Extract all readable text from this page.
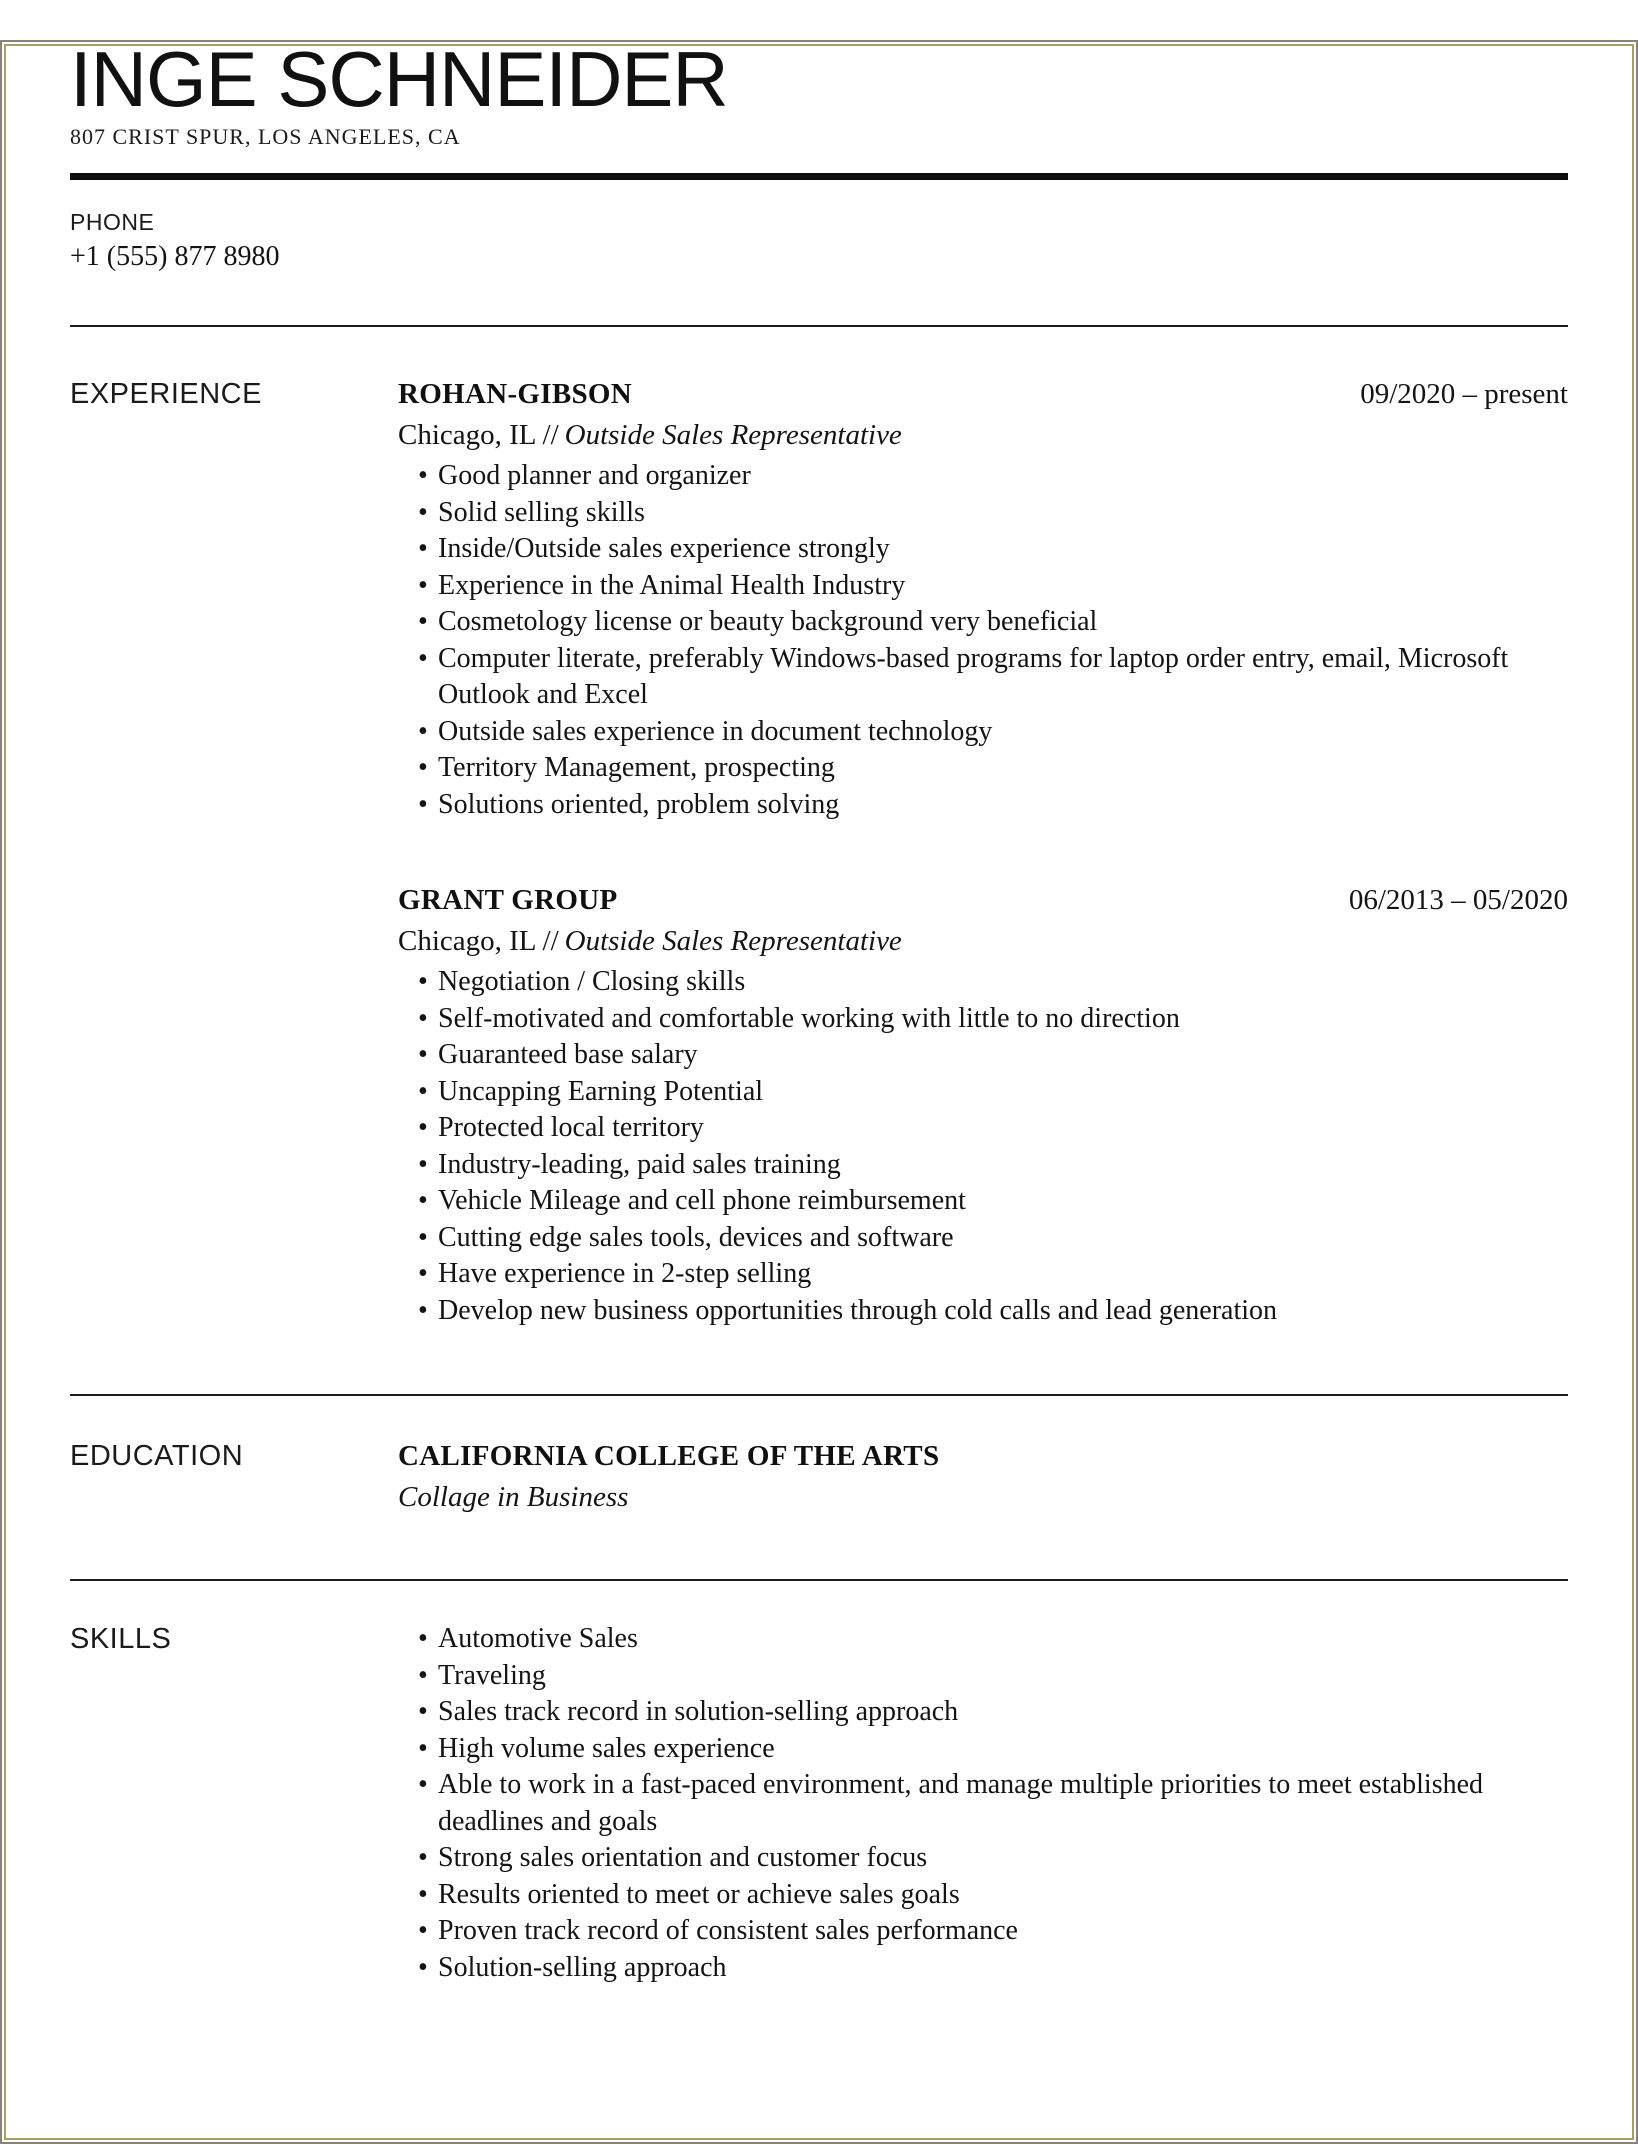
INGE SCHNEIDER
807 CRIST SPUR, LOS ANGELES, CA
PHONE
+1 (555) 877 8980
EXPERIENCE	ROHAN-GIBSON	09/2020 – present
Chicago, IL // Outside Sales Representative
• Good planner and organizer
• Solid selling skills
• Inside/Outside sales experience strongly
• Experience in the Animal Health Industry
• Cosmetology license or beauty background very beneficial
• Computer literate, preferably Windows-based programs for laptop order entry, email, Microsoft Outlook and Excel
• Outside sales experience in document technology
• Territory Management, prospecting
• Solutions oriented, problem solving
GRANT GROUP	06/2013 – 05/2020
Chicago, IL // Outside Sales Representative
• Negotiation / Closing skills
• Self-motivated and comfortable working with little to no direction
• Guaranteed base salary
• Uncapping Earning Potential
• Protected local territory
• Industry-leading, paid sales training
• Vehicle Mileage and cell phone reimbursement
• Cutting edge sales tools, devices and software
• Have experience in 2-step selling
• Develop new business opportunities through cold calls and lead generation
EDUCATION	CALIFORNIA COLLEGE OF THE ARTS
Collage in Business
SKILLS	• Automotive Sales
• Traveling
• Sales track record in solution-selling approach
• High volume sales experience
• Able to work in a fast-paced environment, and manage multiple priorities to meet established deadlines and goals
• Strong sales orientation and customer focus
• Results oriented to meet or achieve sales goals
• Proven track record of consistent sales performance
• Solution-selling approach
